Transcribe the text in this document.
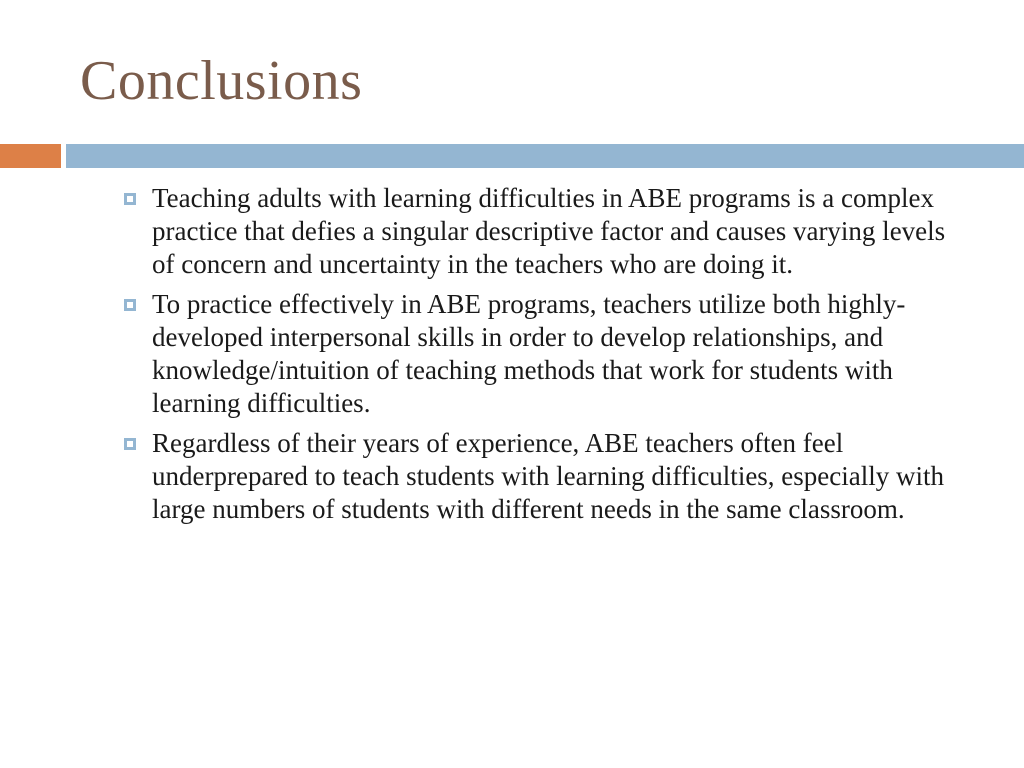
Conclusions
Teaching adults with learning difficulties in ABE programs is a complex practice that defies a singular descriptive factor and causes varying levels of concern and uncertainty in the teachers who are doing it.
To practice effectively in ABE programs, teachers utilize both highly-developed interpersonal skills in order to develop relationships, and knowledge/intuition of teaching methods that work for students with learning difficulties.
Regardless of their years of experience, ABE teachers often feel underprepared to teach students with learning difficulties, especially with large numbers of students with different needs in the same classroom.
